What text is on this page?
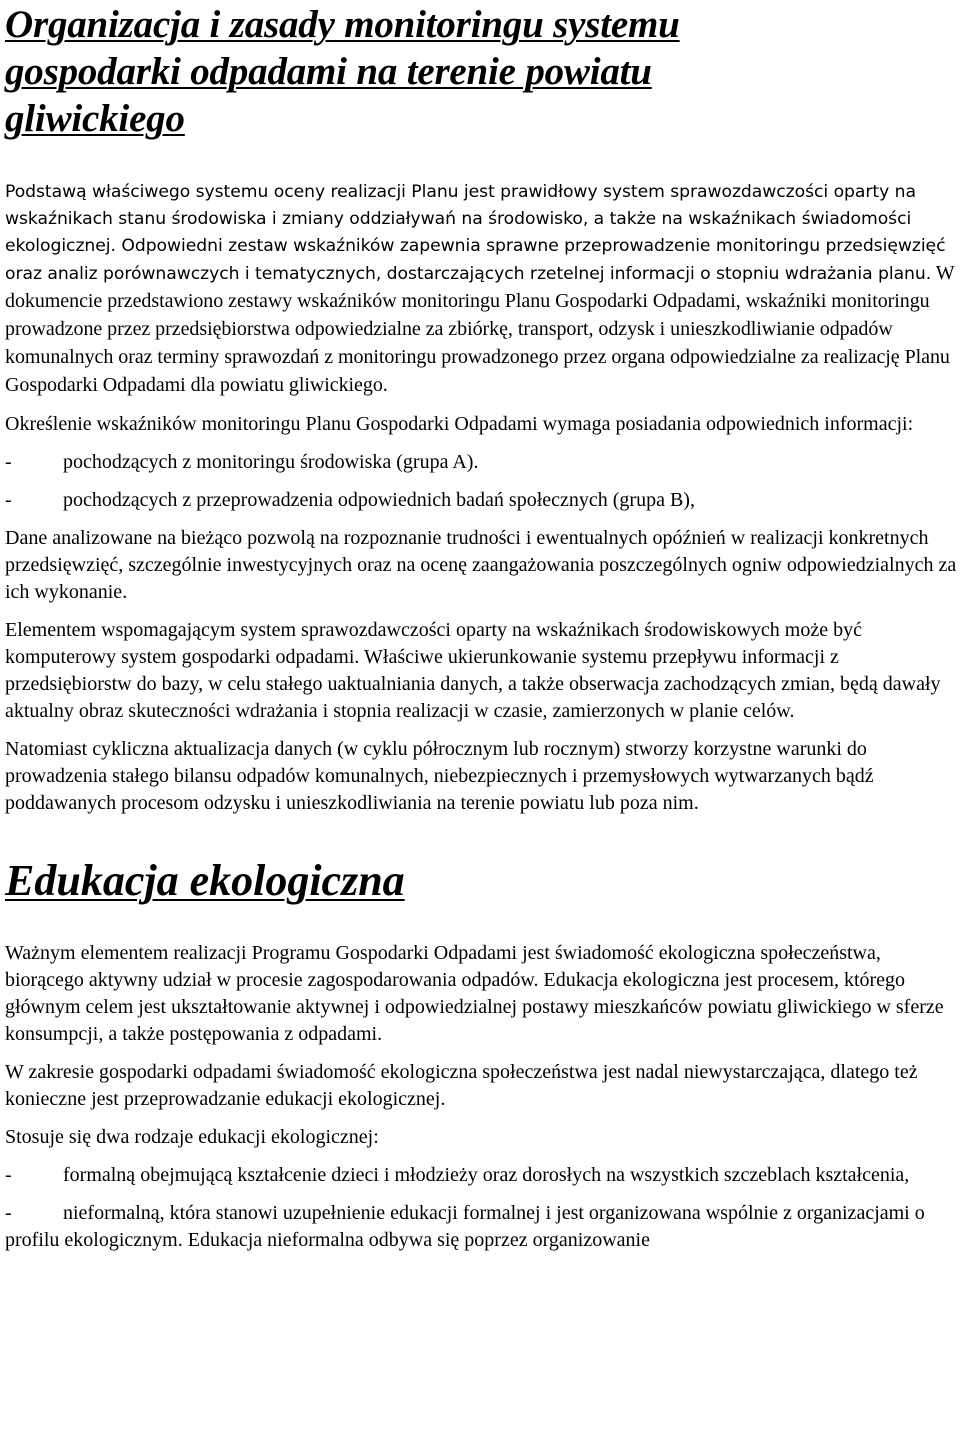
Organizacja i zasady monitoringu systemu
gospodarki odpadami na terenie powiatu
gliwickiego

Podstawą właściwego systemu oceny realizacji Planu jest prawidłowy system sprawozdawczości oparty na wskaźnikach stanu środowiska i zmiany oddziaływań na środowisko, a także na wskaźnikach świadomości ekologicznej. Odpowiedni zestaw wskaźników zapewnia sprawne przeprowadzenie monitoringu przedsięwzięć oraz analiz porównawczych i tematycznych, dostarczających rzetelnej informacji o stopniu wdrażania planu. W dokumencie przedstawiono zestawy wskaźników monitoringu Planu Gospodarki Odpadami, wskaźniki monitoringu prowadzone przez przedsiębiorstwa odpowiedzialne za zbiórkę, transport, odzysk i unieszkodliwianie odpadów komunalnych oraz terminy sprawozdań z monitoringu prowadzonego przez organa odpowiedzialne za realizację Planu Gospodarki Odpadami dla powiatu gliwickiego.

Określenie wskaźników monitoringu Planu Gospodarki Odpadami wymaga posiadania odpowiednich informacji:

-	pochodzących z monitoringu środowiska (grupa A).

-	pochodzących z przeprowadzenia odpowiednich badań społecznych (grupa B),

Dane analizowane na bieżąco pozwolą na rozpoznanie trudności i ewentualnych opóźnień w realizacji konkretnych przedsięwzięć, szczególnie inwestycyjnych oraz na ocenę zaangażowania poszczególnych ogniw odpowiedzialnych za ich wykonanie.

Elementem wspomagającym system sprawozdawczości oparty na wskaźnikach środowiskowych może być komputerowy system gospodarki odpadami. Właściwe ukierunkowanie systemu przepływu informacji z przedsiębiorstw do bazy, w celu stałego uaktualniania danych, a także obserwacja zachodzących zmian, będą dawały aktualny obraz skuteczności wdrażania i stopnia realizacji w czasie, zamierzonych w planie celów.

Natomiast cykliczna aktualizacja danych (w cyklu półrocznym lub rocznym) stworzy korzystne warunki do prowadzenia stałego bilansu odpadów komunalnych, niebezpiecznych i przemysłowych wytwarzanych bądź poddawanych procesom odzysku i unieszkodliwiania na terenie powiatu lub poza nim.

Edukacja ekologiczna

Ważnym elementem realizacji Programu Gospodarki Odpadami jest świadomość ekologiczna społeczeństwa, biorącego aktywny udział w procesie zagospodarowania odpadów. Edukacja ekologiczna jest procesem, którego głównym celem jest ukształtowanie aktywnej i odpowiedzialnej postawy mieszkańców powiatu gliwickiego w sferze konsumpcji, a także postępowania z odpadami.

W zakresie gospodarki odpadami świadomość ekologiczna społeczeństwa jest nadal niewystarczająca, dlatego też konieczne jest przeprowadzanie edukacji ekologicznej.

Stosuje się dwa rodzaje edukacji ekologicznej:

-	formalną obejmującą kształcenie dzieci i młodzieży oraz dorosłych na wszystkich szczeblach kształcenia,

-	nieformalną, która stanowi uzupełnienie edukacji formalnej i jest organizowana wspólnie z organizacjami o profilu ekologicznym. Edukacja nieformalna odbywa się poprzez organizowanie
